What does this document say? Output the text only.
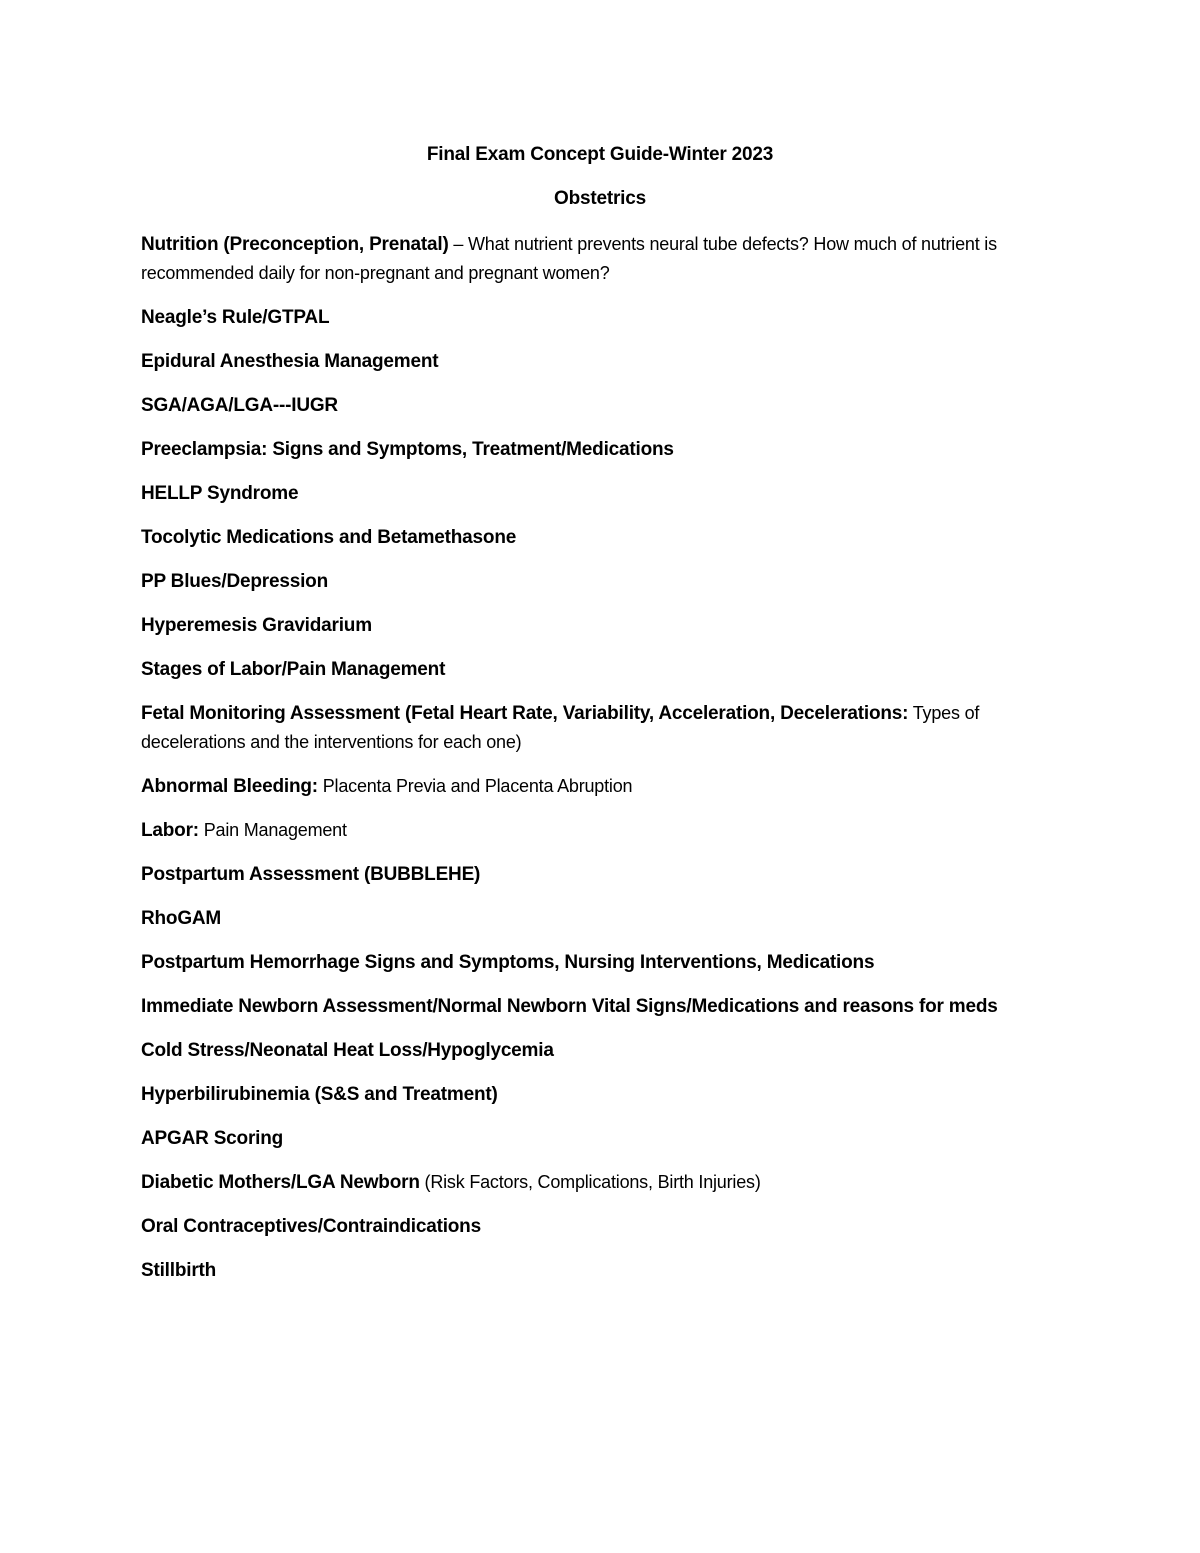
Final Exam Concept Guide-Winter 2023
Obstetrics
Nutrition (Preconception, Prenatal) – What nutrient prevents neural tube defects? How much of nutrient is recommended daily for non-pregnant and pregnant women?
Neagle’s Rule/GTPAL
Epidural Anesthesia Management
SGA/AGA/LGA---IUGR
Preeclampsia: Signs and Symptoms, Treatment/Medications
HELLP Syndrome
Tocolytic Medications and Betamethasone
PP Blues/Depression
Hyperemesis Gravidarium
Stages of Labor/Pain Management
Fetal Monitoring Assessment (Fetal Heart Rate, Variability, Acceleration, Decelerations: Types of decelerations and the interventions for each one)
Abnormal Bleeding: Placenta Previa and Placenta Abruption
Labor: Pain Management
Postpartum Assessment (BUBBLEHE)
RhoGAM
Postpartum Hemorrhage Signs and Symptoms, Nursing Interventions, Medications
Immediate Newborn Assessment/Normal Newborn Vital Signs/Medications and reasons for meds
Cold Stress/Neonatal Heat Loss/Hypoglycemia
Hyperbilirubinemia (S&S and Treatment)
APGAR Scoring
Diabetic Mothers/LGA Newborn (Risk Factors, Complications, Birth Injuries)
Oral Contraceptives/Contraindications
Stillbirth
